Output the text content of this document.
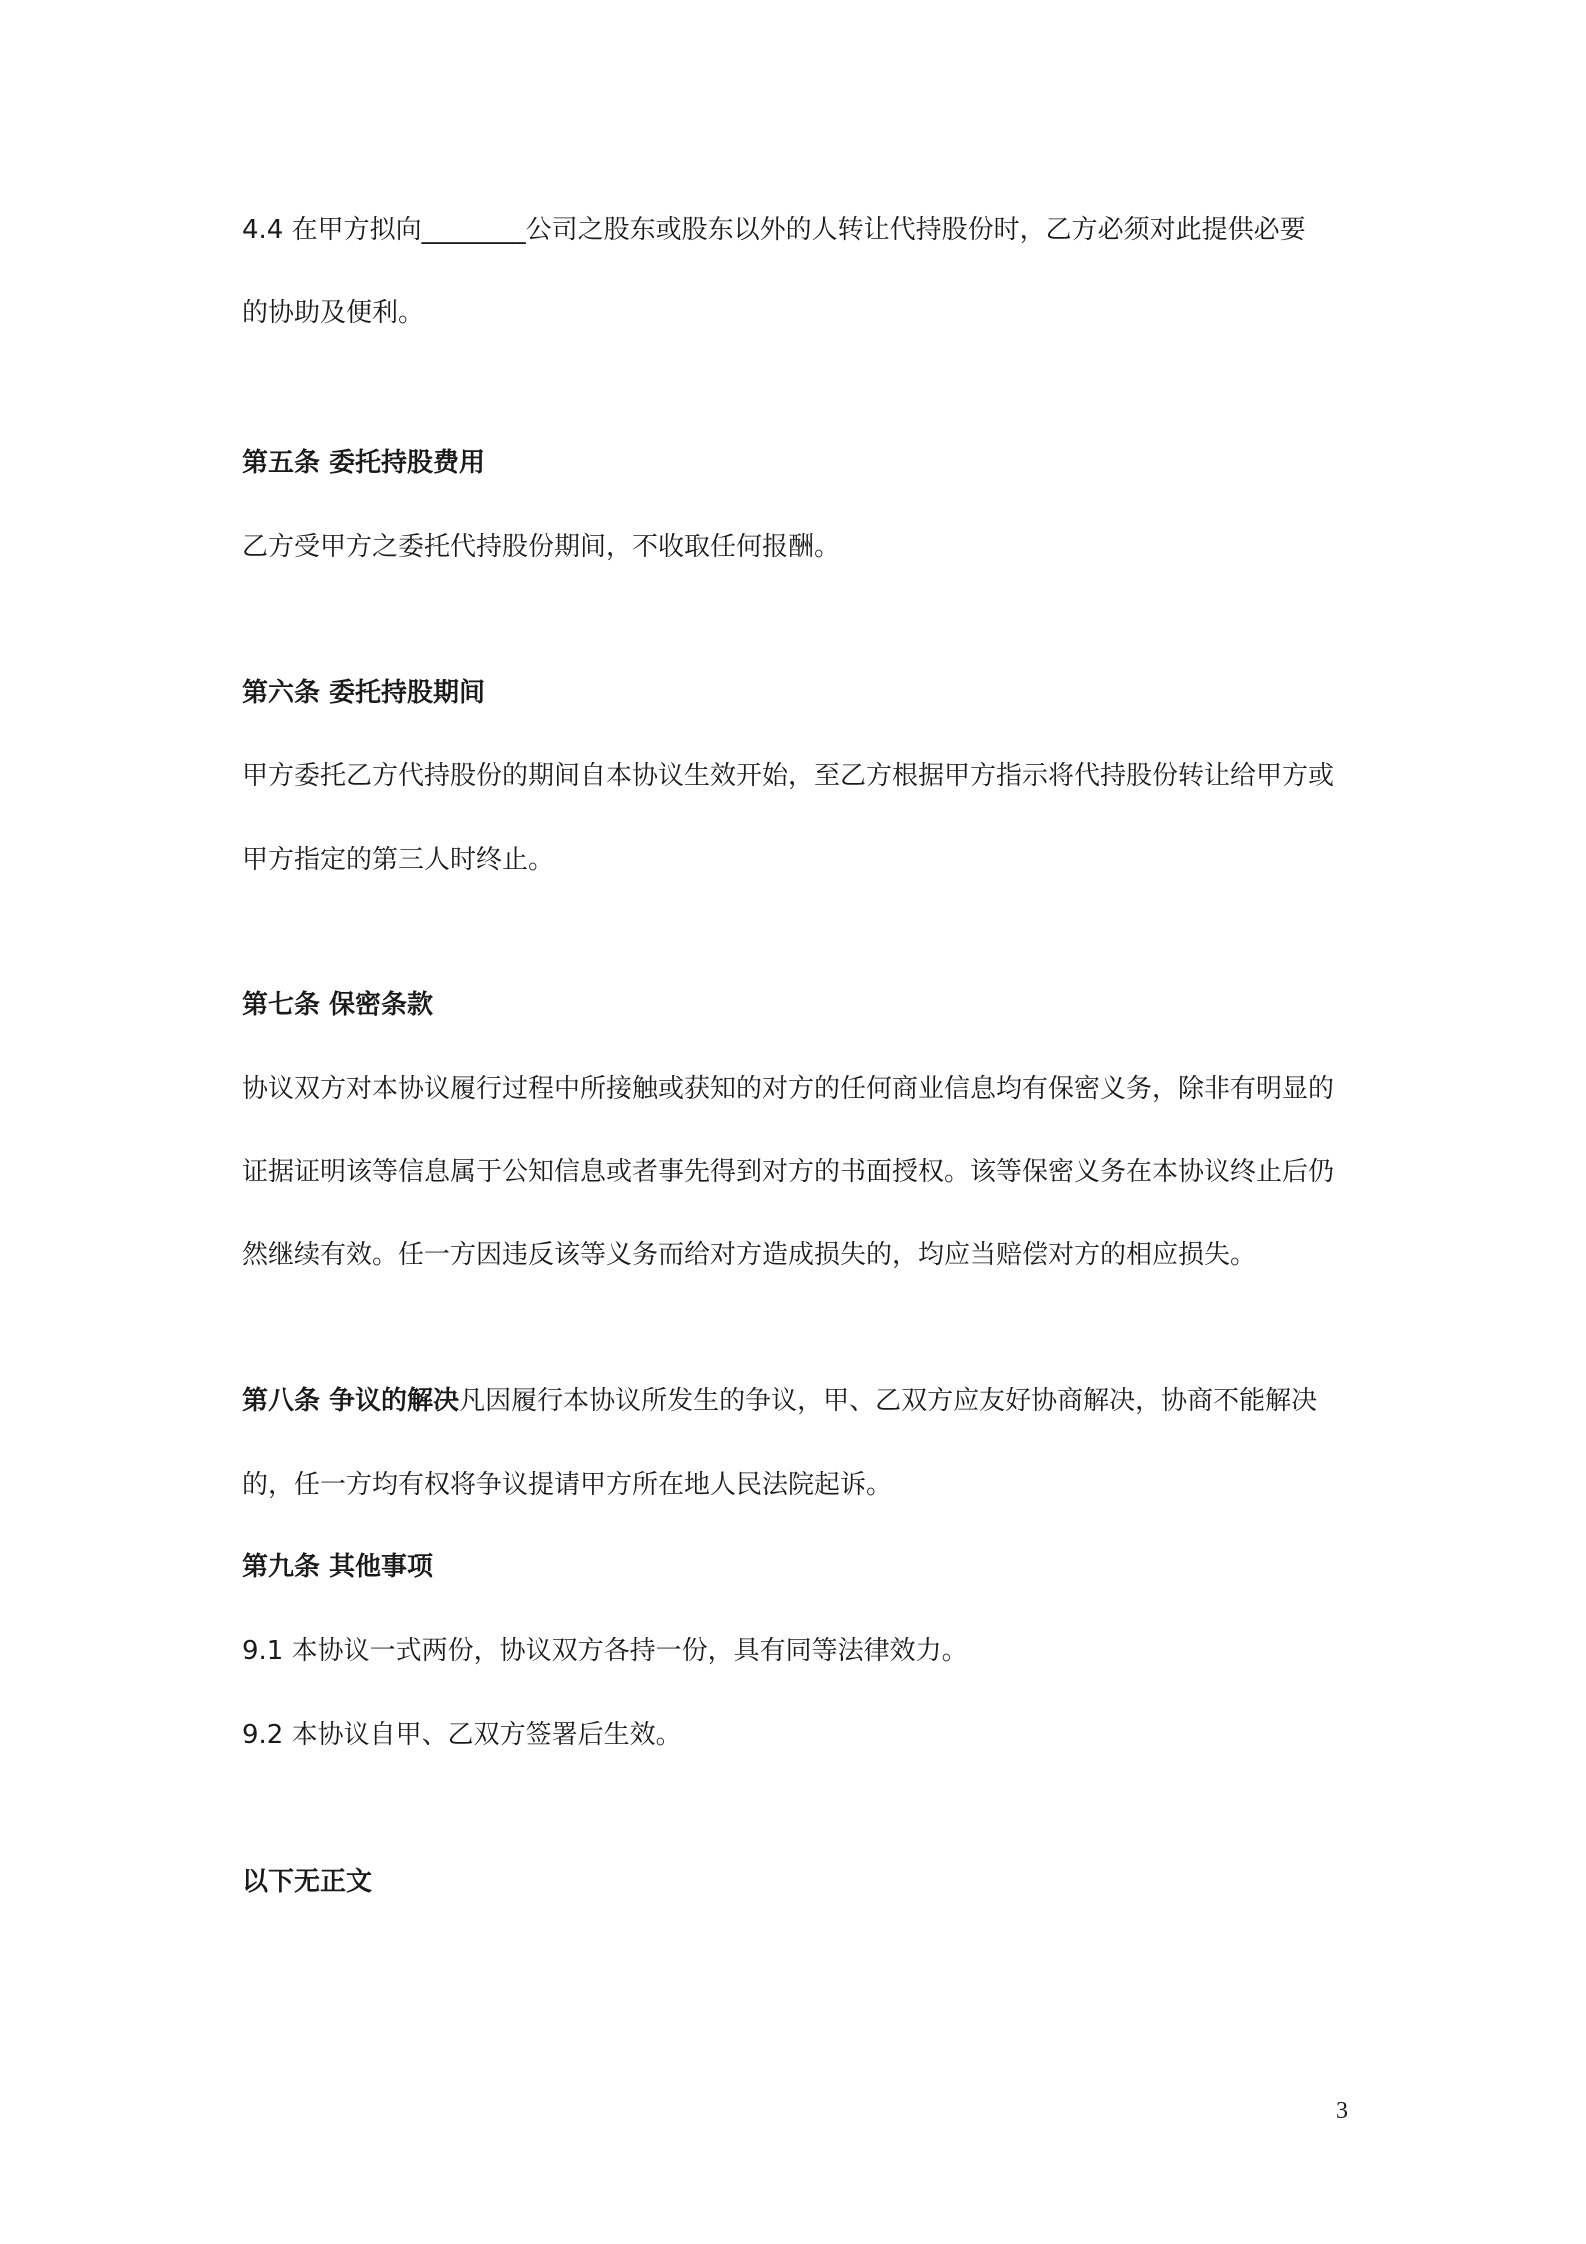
4.4 在甲方拟向________公司之股东或股东以外的人转让代持股份时，乙方必须对此提供必要
的协助及便利。
第五条 委托持股费用
乙方受甲方之委托代持股份期间，不收取任何报酬。
第六条 委托持股期间
甲方委托乙方代持股份的期间自本协议生效开始，至乙方根据甲方指示将代持股份转让给甲方或
甲方指定的第三人时终止。
第七条 保密条款
协议双方对本协议履行过程中所接触或获知的对方的任何商业信息均有保密义务，除非有明显的
证据证明该等信息属于公知信息或者事先得到对方的书面授权。该等保密义务在本协议终止后仍
然继续有效。任一方因违反该等义务而给对方造成损失的，均应当赔偿对方的相应损失。
第八条 争议的解决凡因履行本协议所发生的争议，甲、乙双方应友好协商解决，协商不能解决
的，任一方均有权将争议提请甲方所在地人民法院起诉。
第九条 其他事项
9.1 本协议一式两份，协议双方各持一份，具有同等法律效力。
9.2 本协议自甲、乙双方签署后生效。
以下无正文
3
